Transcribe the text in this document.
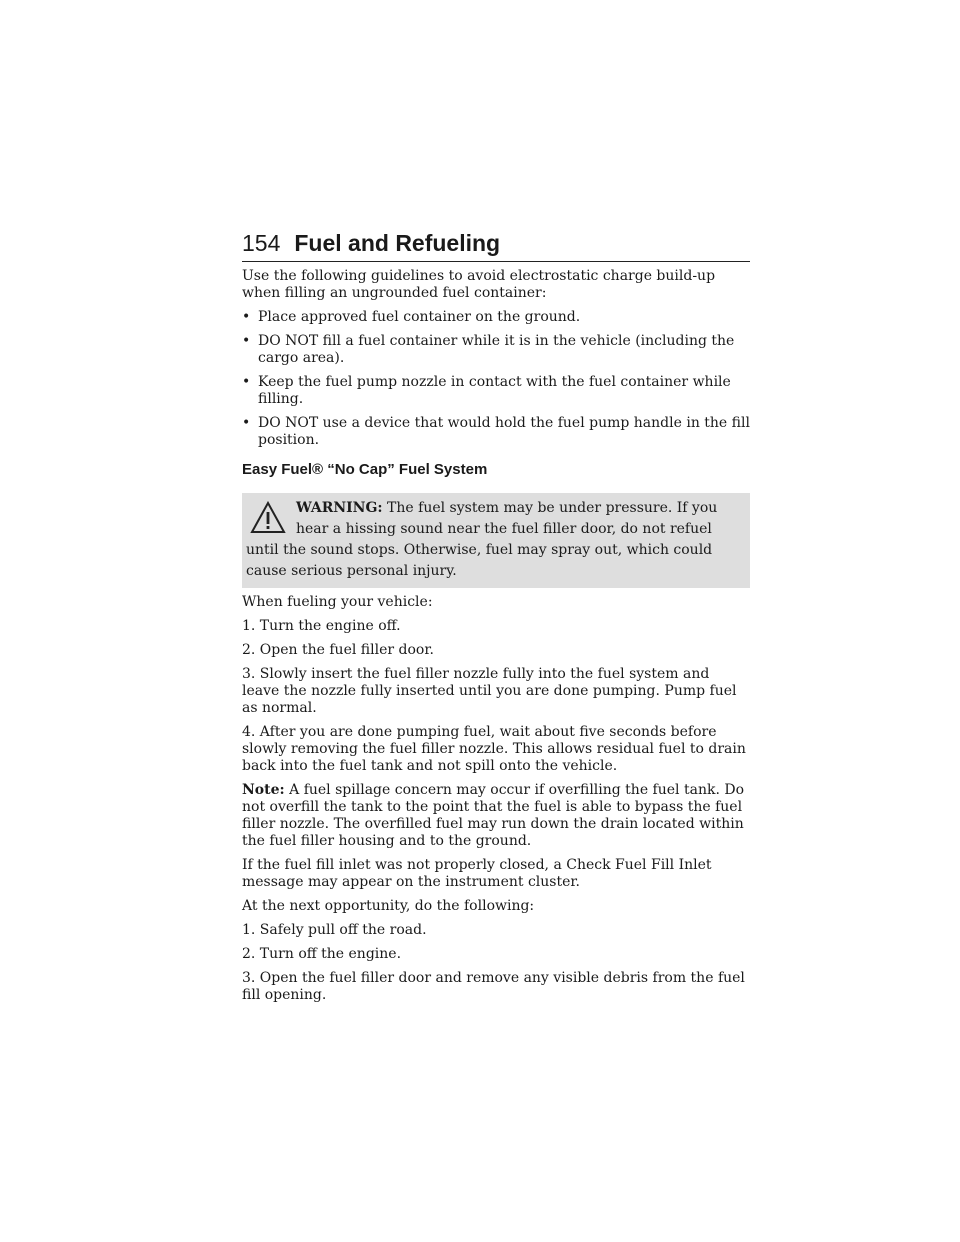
154 Fuel and Refueling

Use the following guidelines to avoid electrostatic charge build-up when filling an ungrounded fuel container:

• Place approved fuel container on the ground.
• DO NOT fill a fuel container while it is in the vehicle (including the cargo area).
• Keep the fuel pump nozzle in contact with the fuel container while filling.
• DO NOT use a device that would hold the fuel pump handle in the fill position.
Easy Fuel® “No Cap” Fuel System
WARNING: The fuel system may be under pressure. If you hear a hissing sound near the fuel filler door, do not refuel until the sound stops. Otherwise, fuel may spray out, which could cause serious personal injury.

When fueling your vehicle:

1. Turn the engine off.

2. Open the fuel filler door.

3. Slowly insert the fuel filler nozzle fully into the fuel system and leave the nozzle fully inserted until you are done pumping. Pump fuel as normal.

4. After you are done pumping fuel, wait about five seconds before slowly removing the fuel filler nozzle. This allows residual fuel to drain back into the fuel tank and not spill onto the vehicle.

Note: A fuel spillage concern may occur if overfilling the fuel tank. Do not overfill the tank to the point that the fuel is able to bypass the fuel filler nozzle. The overfilled fuel may run down the drain located within the fuel filler housing and to the ground.

If the fuel fill inlet was not properly closed, a Check Fuel Fill Inlet message may appear on the instrument cluster.

At the next opportunity, do the following:

1. Safely pull off the road.

2. Turn off the engine.

3. Open the fuel filler door and remove any visible debris from the fuel fill opening.
